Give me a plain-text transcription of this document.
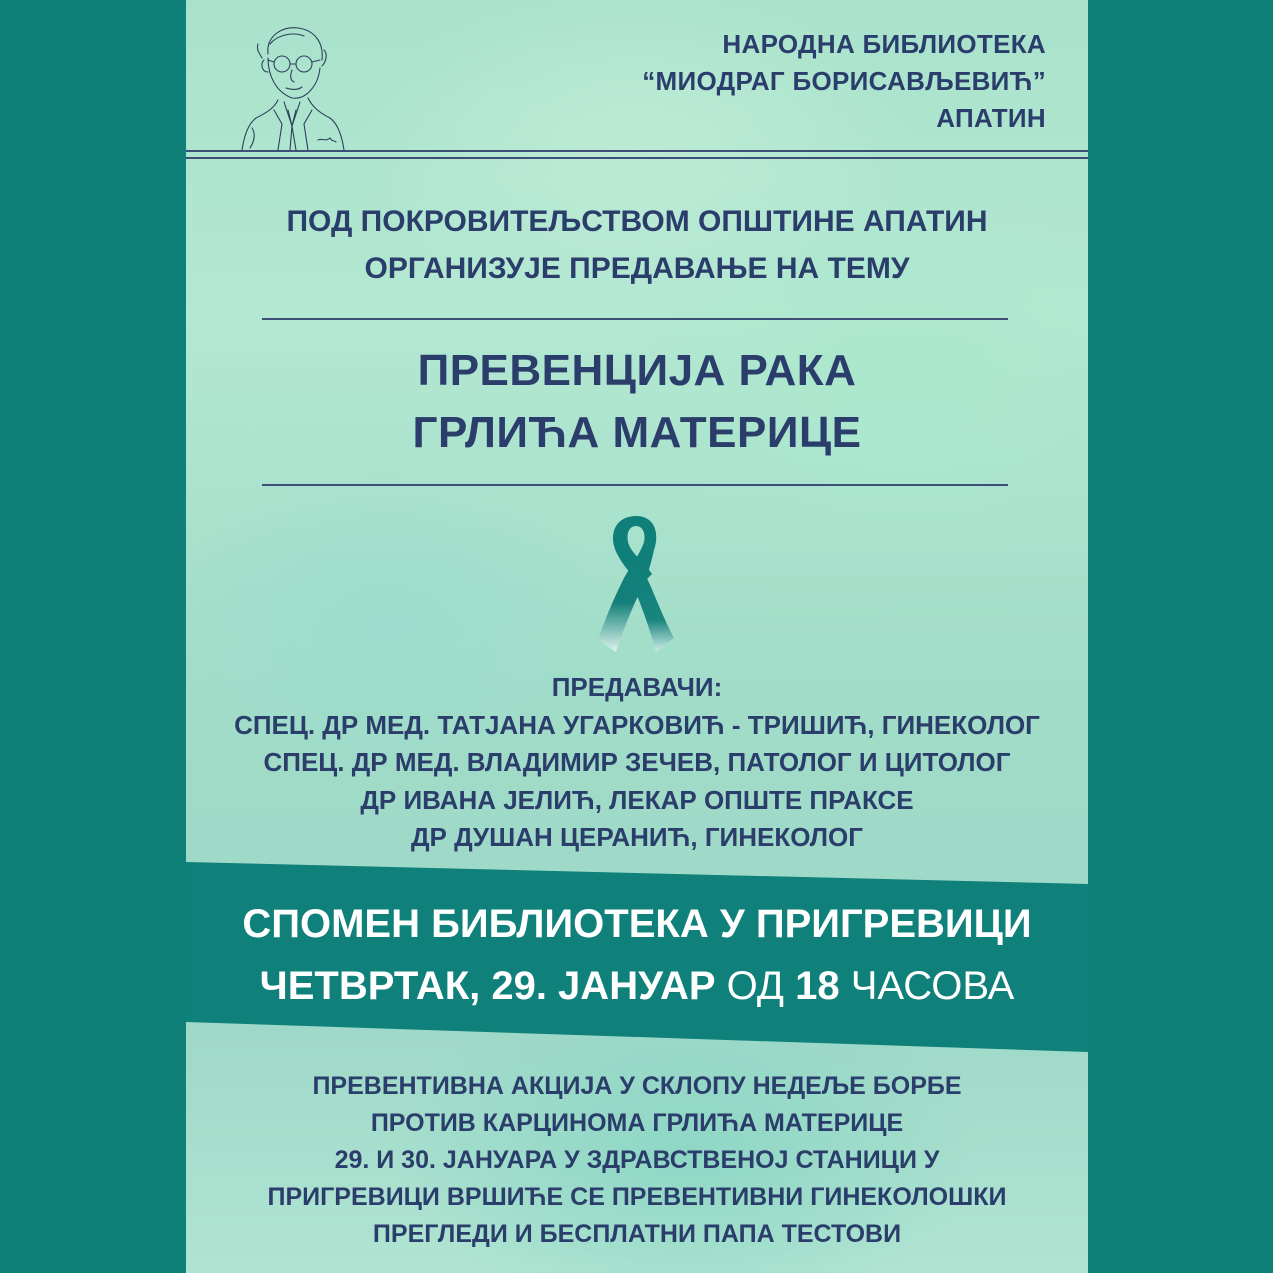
НАРОДНА БИБЛИОТЕКА
“МИОДРАГ БОРИСАВЉЕВИЋ”
АПАТИН
ПОД ПОКРОВИТЕЉСТВОМ ОПШТИНЕ АПАТИН
ОРГАНИЗУЈЕ ПРЕДАВАЊЕ НА ТЕМУ
ПРЕВЕНЦИЈА РАКА
ГРЛИЋА МАТЕРИЦЕ
ПРЕДАВАЧИ:
СПЕЦ. ДР МЕД. ТАТЈАНА УГАРКОВИЋ - ТРИШИЋ, ГИНЕКОЛОГ
СПЕЦ. ДР МЕД. ВЛАДИМИР ЗЕЧЕВ, ПАТОЛОГ И ЦИТОЛОГ
ДР ИВАНА ЈЕЛИЋ, ЛЕКАР ОПШТЕ ПРАКСЕ
ДР ДУШАН ЦЕРАНИЋ, ГИНЕКОЛОГ
СПОМЕН БИБЛИОТЕКА У ПРИГРЕВИЦИ
ЧЕТВРТАК, 29. ЈАНУАР ОД 18 ЧАСОВА
ПРЕВЕНТИВНА АКЦИЈА У СКЛОПУ НЕДЕЉЕ БОРБЕ
ПРОТИВ КАРЦИНОМА ГРЛИЋА МАТЕРИЦЕ
29. И 30. ЈАНУАРА У ЗДРАВСТВЕНОЈ СТАНИЦИ У
ПРИГРЕВИЦИ ВРШИЋЕ СЕ ПРЕВЕНТИВНИ ГИНЕКОЛОШКИ
ПРЕГЛЕДИ И БЕСПЛАТНИ ПАПА ТЕСТОВИ
